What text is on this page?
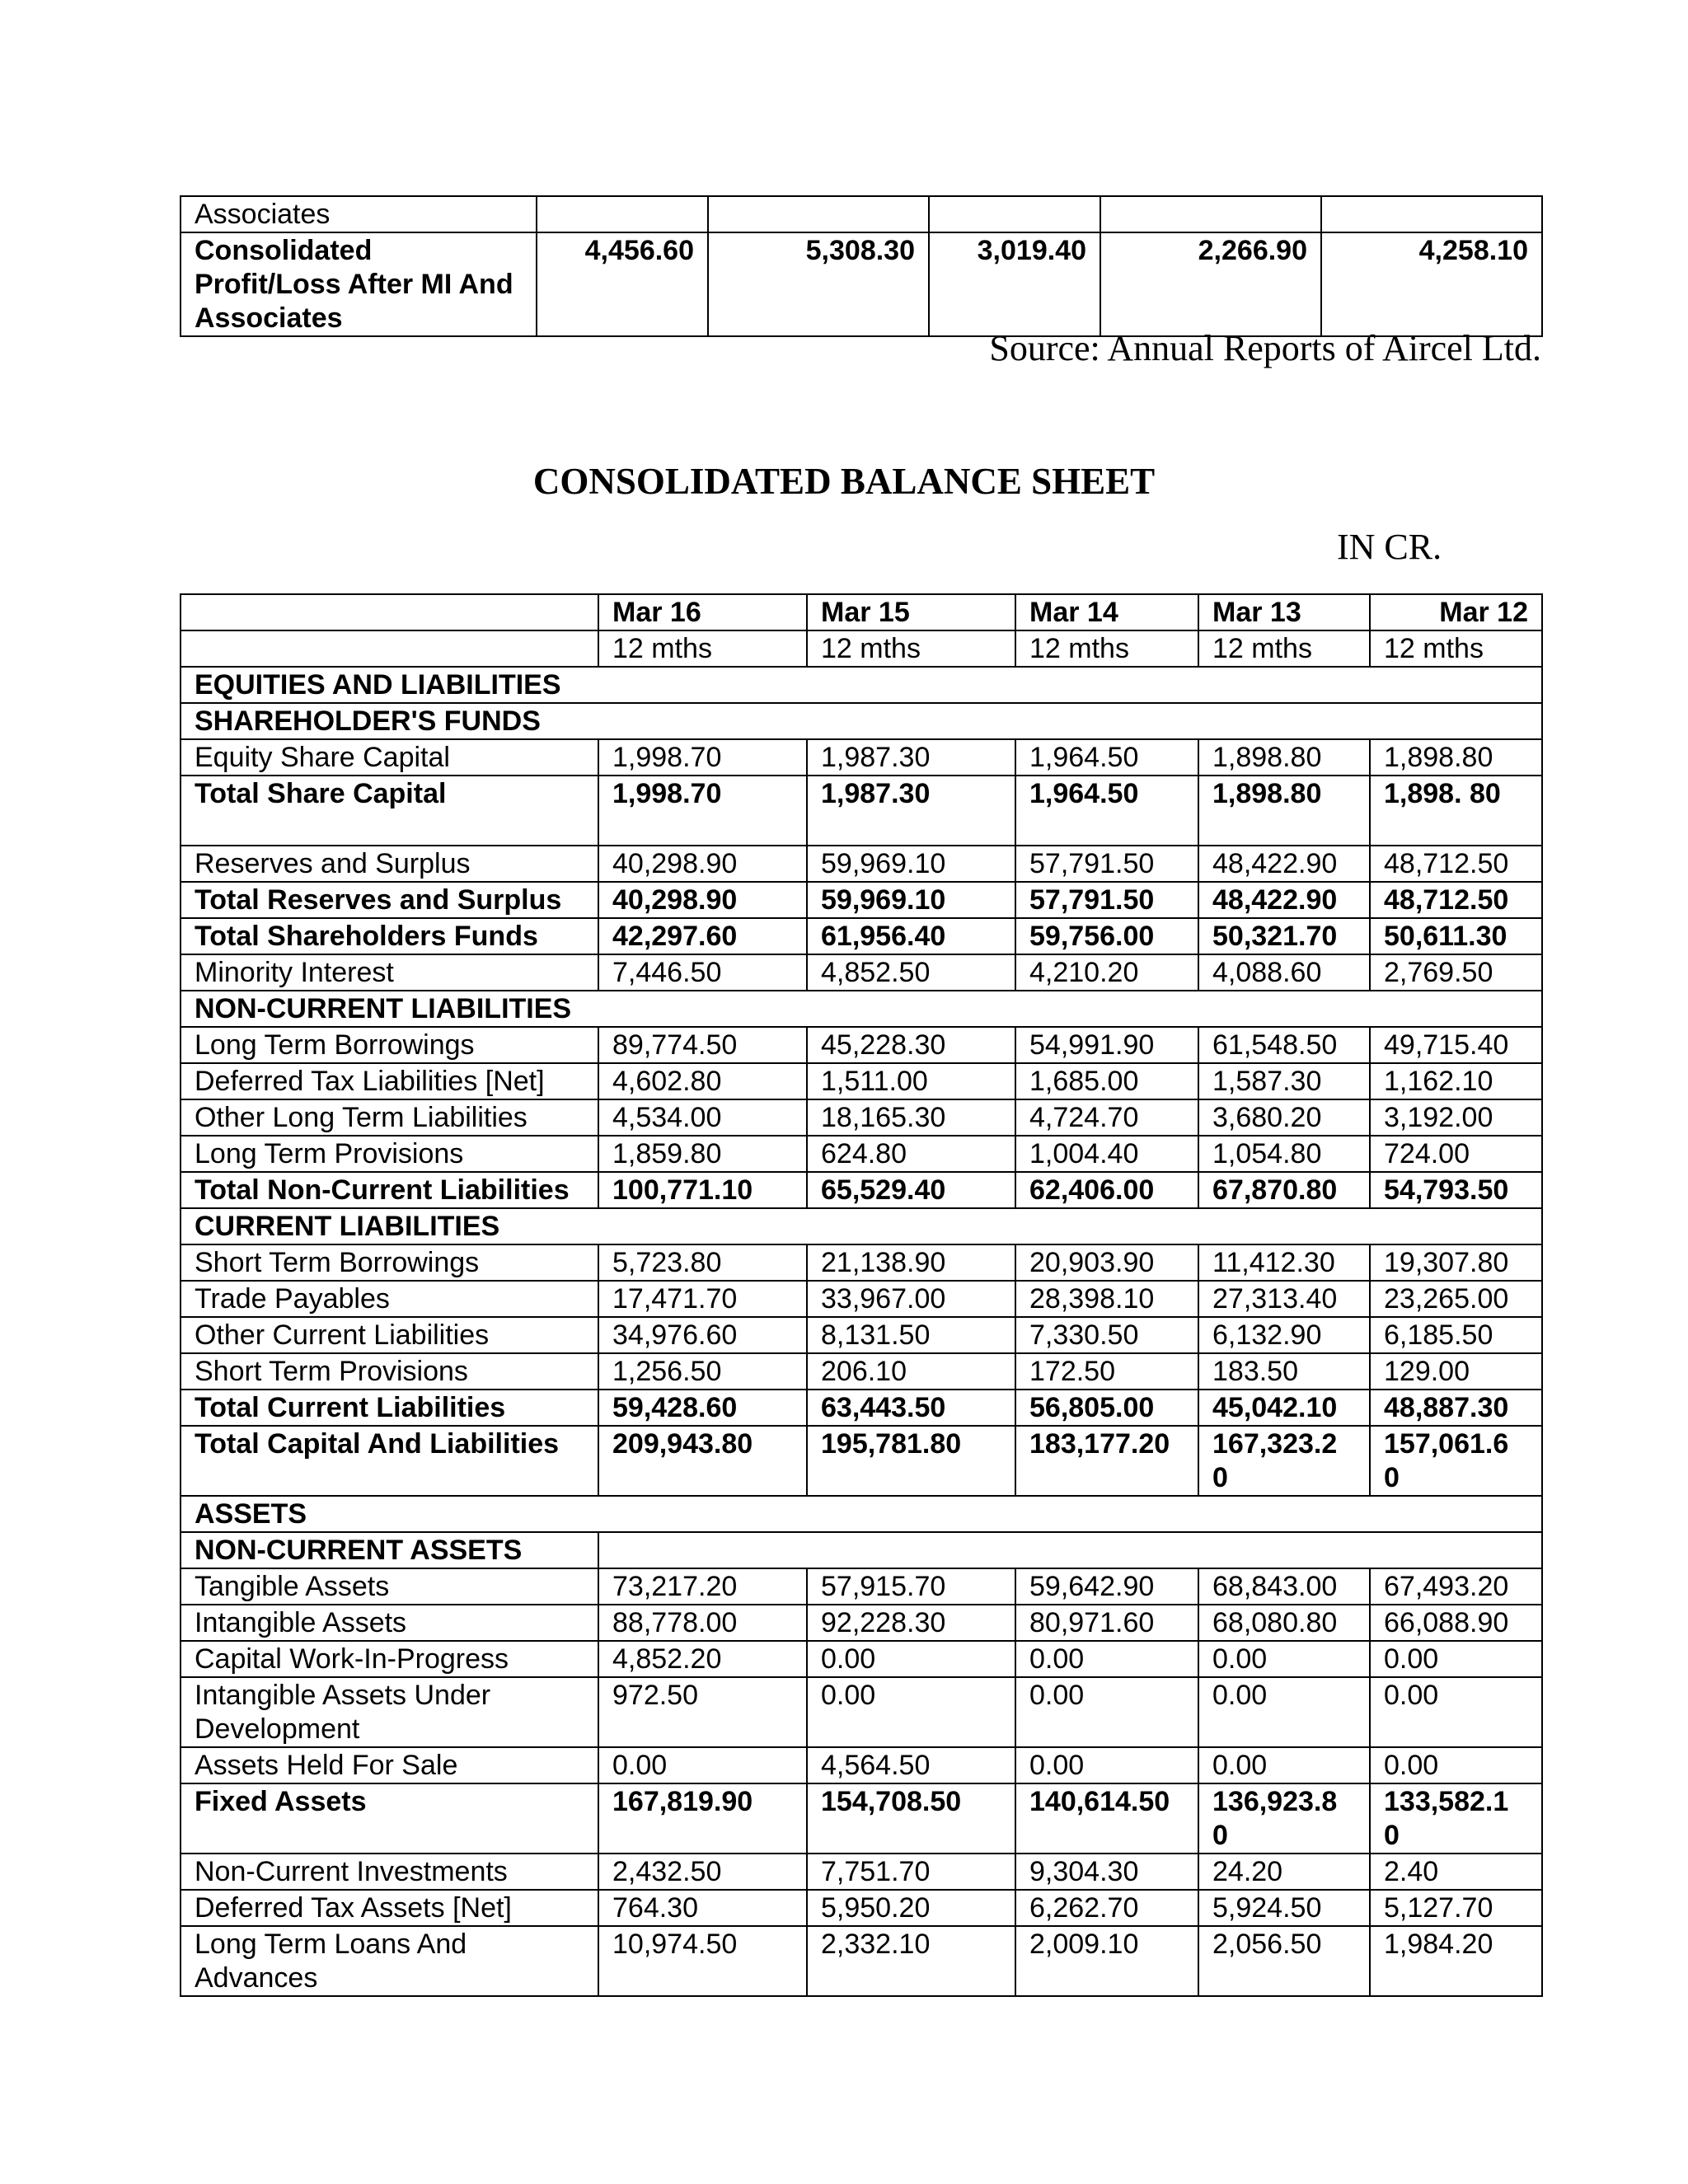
Associates					
Consolidated Profit/Loss After MI And Associates	4,456.60	5,308.30	3,019.40	2,266.90	4,258.10
Source: Annual Reports of Aircel Ltd.
CONSOLIDATED BALANCE SHEET
IN CR.
	Mar 16	Mar 15	Mar 14	Mar 13	Mar 12
	12 mths	12 mths	12 mths	12 mths	12 mths
EQUITIES AND LIABILITIES					
SHAREHOLDER'S FUNDS					
Equity Share Capital	1,998.70	1,987.30	1,964.50	1,898.80	1,898.80
Total Share Capital	1,998.70	1,987.30	1,964.50	1,898.80	1,898. 80
Reserves and Surplus	40,298.90	59,969.10	57,791.50	48,422.90	48,712.50
Total Reserves and Surplus	40,298.90	59,969.10	57,791.50	48,422.90	48,712.50
Total Shareholders Funds	42,297.60	61,956.40	59,756.00	50,321.70	50,611.30
Minority Interest	7,446.50	4,852.50	4,210.20	4,088.60	2,769.50
NON-CURRENT LIABILITIES					
Long Term Borrowings	89,774.50	45,228.30	54,991.90	61,548.50	49,715.40
Deferred Tax Liabilities [Net]	4,602.80	1,511.00	1,685.00	1,587.30	1,162.10
Other Long Term Liabilities	4,534.00	18,165.30	4,724.70	3,680.20	3,192.00
Long Term Provisions	1,859.80	624.80	1,004.40	1,054.80	724.00
Total Non-Current Liabilities	100,771.10	65,529.40	62,406.00	67,870.80	54,793.50
CURRENT LIABILITIES					
Short Term Borrowings	5,723.80	21,138.90	20,903.90	11,412.30	19,307.80
Trade Payables	17,471.70	33,967.00	28,398.10	27,313.40	23,265.00
Other Current Liabilities	34,976.60	8,131.50	7,330.50	6,132.90	6,185.50
Short Term Provisions	1,256.50	206.10	172.50	183.50	129.00
Total Current Liabilities	59,428.60	63,443.50	56,805.00	45,042.10	48,887.30
Total Capital And Liabilities	209,943.80	195,781.80	183,177.20	167,323.2 0	157,061.6 0
ASSETS					
NON-CURRENT ASSETS					
Tangible Assets	73,217.20	57,915.70	59,642.90	68,843.00	67,493.20
Intangible Assets	88,778.00	92,228.30	80,971.60	68,080.80	66,088.90
Capital Work-In-Progress	4,852.20	0.00	0.00	0.00	0.00
Intangible Assets Under Development	972.50	0.00	0.00	0.00	0.00
Assets Held For Sale	0.00	4,564.50	0.00	0.00	0.00
Fixed Assets	167,819.90	154,708.50	140,614.50	136,923.8 0	133,582.1 0
Non-Current Investments	2,432.50	7,751.70	9,304.30	24.20	2.40
Deferred Tax Assets [Net]	764.30	5,950.20	6,262.70	5,924.50	5,127.70
Long Term Loans And Advances	10,974.50	2,332.10	2,009.10	2,056.50	1,984.20
